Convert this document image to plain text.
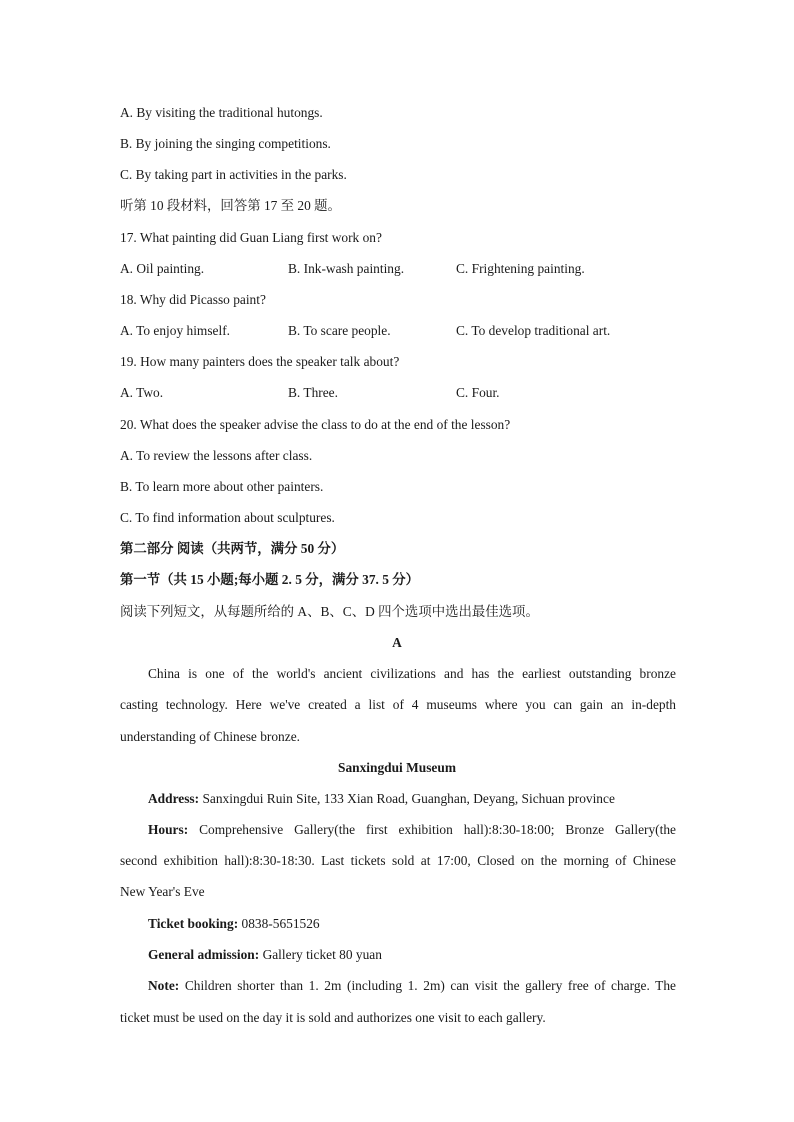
A. By visiting the traditional hutongs.
B. By joining the singing competitions.
C. By taking part in activities in the parks.
听第 10 段材料，回答第 17 至 20 题。
17. What painting did Guan Liang first work on?
A. Oil painting.	B. Ink-wash painting.	C. Frightening painting.
18. Why did Picasso paint?
A. To enjoy himself.	B. To scare people.	C. To develop traditional art.
19. How many painters does the speaker talk about?
A. Two.	B. Three.	C. Four.
20. What does the speaker advise the class to do at the end of the lesson?
A. To review the lessons after class.
B. To learn more about other painters.
C. To find information about sculptures.
第二部分 阅读（共两节，满分 50 分）
第一节（共 15 小题;每小题 2. 5 分，满分 37. 5 分）
阅读下列短文，从每题所给的 A、B、C、D 四个选项中选出最佳选项。
A
China is one of the world's ancient civilizations and has the earliest outstanding bronze
casting technology. Here we've created a list of 4 museums where you can gain an in-depth
understanding of Chinese bronze.
Sanxingdui Museum
Address: Sanxingdui Ruin Site, 133 Xian Road, Guanghan, Deyang, Sichuan province
Hours: Comprehensive Gallery(the first exhibition hall):8:30-18:00; Bronze Gallery(the
second exhibition hall):8:30-18:30. Last tickets sold at 17:00, Closed on the morning of Chinese
New Year's Eve
Ticket booking: 0838-5651526
General admission: Gallery ticket 80 yuan
Note: Children shorter than 1. 2m (including 1. 2m) can visit the gallery free of charge. The
ticket must be used on the day it is sold and authorizes one visit to each gallery.
